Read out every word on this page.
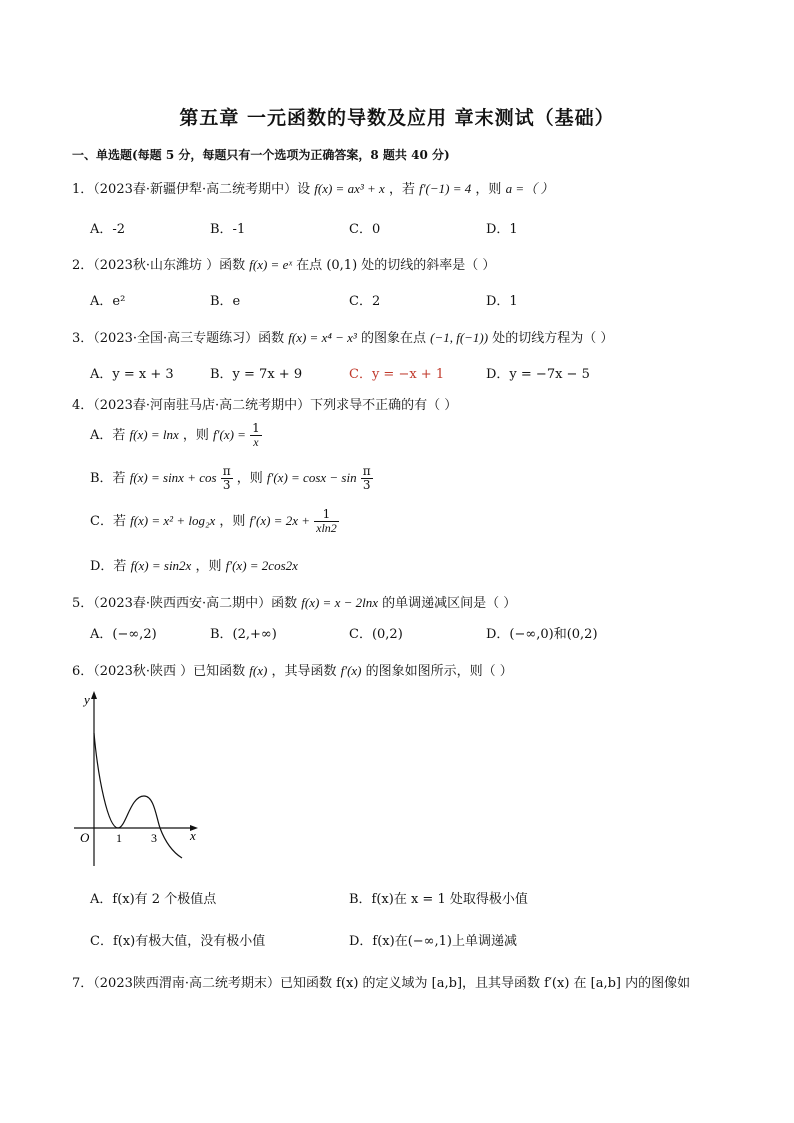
第五章 一元函数的导数及应用 章末测试（基础）
一、单选题(每题 5 分，每题只有一个选项为正确答案，8 题共 40 分)
1．（2023春·新疆伊犁·高二统考期中）设 f(x) = ax³ + x ，若 f′(−1) = 4 ，则 a =（ ）
A．-2	B．-1	C．0	D．1
2．（2023秋·山东潍坊 ）函数 f(x) = eˣ 在点 (0,1) 处的切线的斜率是（ ）
A．e²	B．e	C．2	D．1
3．（2023·全国·高三专题练习）函数 f(x) = x⁴ − x³ 的图象在点 (−1, f(−1)) 处的切线方程为（ ）
A．y = x + 3	B．y = 7x + 9	C．y = −x + 1	D．y = −7x − 5
4．（2023春·河南驻马店·高二统考期中）下列求导不正确的有（ ）
A．若 f(x) = lnx ，则 $f'(x) = \frac{1}{x}$
B．若 $f(x) = \sin x + \cos \frac{\pi}{3}$ ，则 $f'(x) = \cos x - \sin \frac{\pi}{3}$
C．若 f(x) = x² + log₂x ，则 $f'(x) = 2x + \frac{1}{xln2}$
D．若 f(x) = sin2x ，则 f′(x) = 2cos2x
5．（2023春·陕西西安·高二期中）函数 f(x) = x − 2lnx 的单调递减区间是（ ）
A．(−∞,2)	B．(2,+∞)	C．(0,2)	D．(−∞,0)和(0,2)
6．（2023秋·陕西 ）已知函数 f(x) ，其导函数 f′(x) 的图象如图所示，则（ ）
y
x
O 1 3
A．f(x)有 2 个极值点	B．f(x)在 x = 1 处取得极小值
C．f(x)有极大值，没有极小值	D．f(x)在(−∞,1)上单调递减
7．（2023陕西渭南·高二统考期末）已知函数 f(x) 的定义域为 [a,b]，且其导函数 f′(x) 在 [a,b] 内的图像如
